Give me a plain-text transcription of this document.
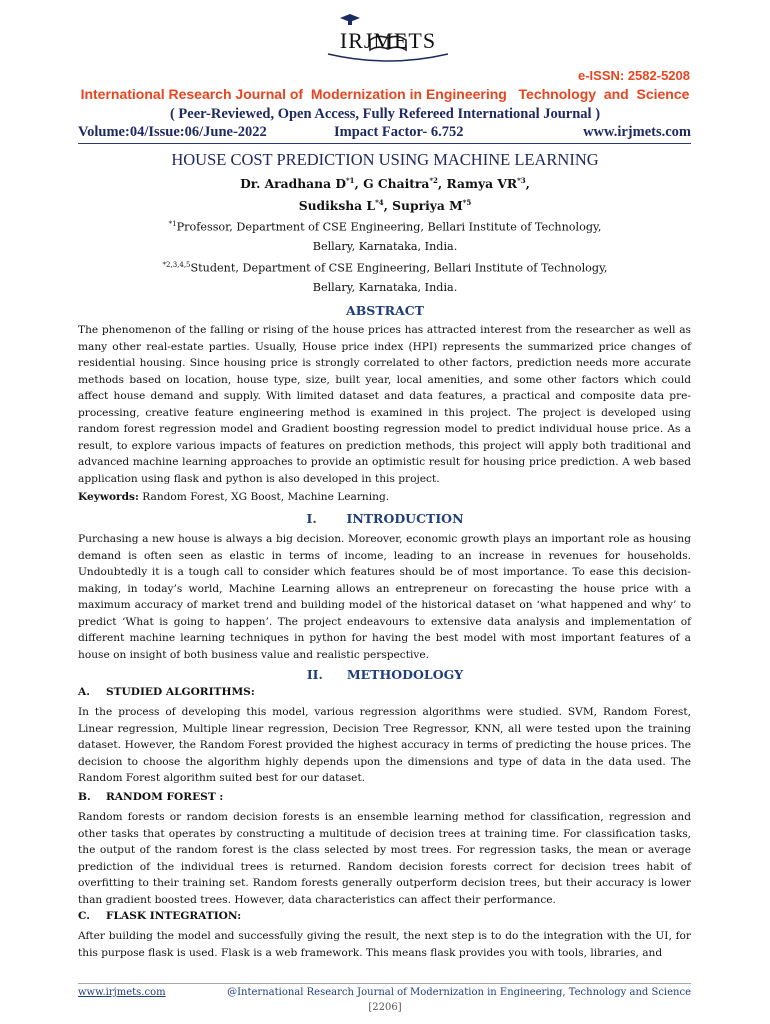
IRJMETS
e-ISSN: 2582-5208
International Research Journal of  Modernization in Engineering   Technology  and  Science
( Peer-Reviewed, Open Access, Fully Refereed International Journal )
Volume:04/Issue:06/June-2022	Impact Factor- 6.752	www.irjmets.com
HOUSE COST PREDICTION USING MACHINE LEARNING
Dr. Aradhana $D^{*1}$, G Chaitra$^{*2}$, Ramya VR$^{*3}$,
Sudiksha $L^{*4}$, Supriya $M^{*5}$
$^{*1}$Professor, Department of CSE Engineering, Bellari Institute of Technology,
Bellary, Karnataka, India.
$^{*2,3,4,5}$Student, Department of CSE Engineering, Bellari Institute of Technology,
Bellary, Karnataka, India.
ABSTRACT
The phenomenon of the falling or rising of the house prices has attracted interest from the researcher as well as many other real-estate parties. Usually, House price index (HPI) represents the summarized price changes of residential housing. Since housing price is strongly correlated to other factors, prediction needs more accurate methods based on location, house type, size, built year, local amenities, and some other factors which could affect house demand and supply. With limited dataset and data features, a practical and composite data pre-processing, creative feature engineering method is examined in this project. The project is developed using random forest regression model and Gradient boosting regression model to predict individual house price. As a result, to explore various impacts of features on prediction methods, this project will apply both traditional and advanced machine learning approaches to provide an optimistic result for housing price prediction. A web based application using flask and python is also developed in this project.
Keywords: Random Forest, XG Boost, Machine Learning.
I. INTRODUCTION
Purchasing a new house is always a big decision. Moreover, economic growth plays an important role as housing demand is often seen as elastic in terms of income, leading to an increase in revenues for households. Undoubtedly it is a tough call to consider which features should be of most importance. To ease this decision-making, in today’s world, Machine Learning allows an entrepreneur on forecasting the house price with a maximum accuracy of market trend and building model of the historical dataset on ‘what happened and why’ to predict ‘What is going to happen’. The project endeavours to extensive data analysis and implementation of different machine learning techniques in python for having the best model with most important features of a house on insight of both business value and realistic perspective.
II. METHODOLOGY
A. STUDIED ALGORITHMS:
In the process of developing this model, various regression algorithms were studied. SVM, Random Forest, Linear regression, Multiple linear regression, Decision Tree Regressor, KNN, all were tested upon the training dataset. However, the Random Forest provided the highest accuracy in terms of predicting the house prices. The decision to choose the algorithm highly depends upon the dimensions and type of data in the data used. The Random Forest algorithm suited best for our dataset.
B. RANDOM FOREST :
Random forests or random decision forests is an ensemble learning method for classification, regression and other tasks that operates by constructing a multitude of decision trees at training time. For classification tasks, the output of the random forest is the class selected by most trees. For regression tasks, the mean or average prediction of the individual trees is returned. Random decision forests correct for decision trees habit of overfitting to their training set. Random forests generally outperform decision trees, but their accuracy is lower than gradient boosted trees. However, data characteristics can affect their performance.
C. FLASK INTEGRATION:
After building the model and successfully giving the result, the next step is to do the integration with the UI, for this purpose flask is used. Flask is a web framework. This means flask provides you with tools, libraries, and
www.irjmets.com	@International Research Journal of Modernization in Engineering, Technology and Science
[2206]
